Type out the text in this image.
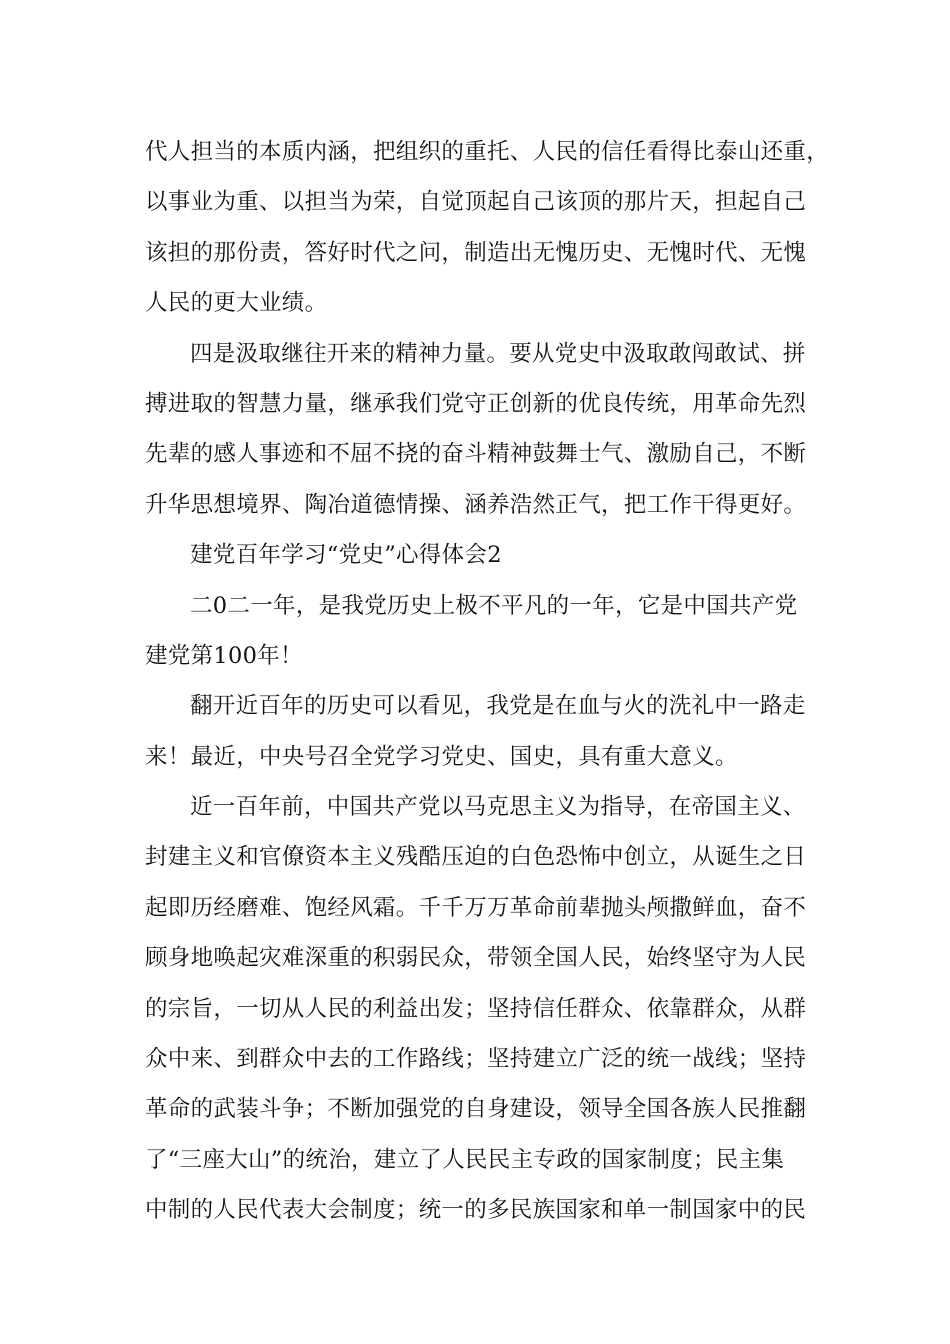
代人担当的本质内涵，把组织的重托、人民的信任看得比泰山还重，
以事业为重、以担当为荣，自觉顶起自己该顶的那片天，担起自己
该担的那份责，答好时代之问，制造出无愧历史、无愧时代、无愧
人民的更大业绩。
四是汲取继往开来的精神力量。要从党史中汲取敢闯敢试、拼
搏进取的智慧力量，继承我们党守正创新的优良传统，用革命先烈
先辈的感人事迹和不屈不挠的奋斗精神鼓舞士气、激励自己，不断
升华思想境界、陶冶道德情操、涵养浩然正气，把工作干得更好。
建党百年学习“党史”心得体会2
二0二一年，是我党历史上极不平凡的一年，它是中国共产党
建党第100年！
翻开近百年的历史可以看见，我党是在血与火的洗礼中一路走
来！最近，中央号召全党学习党史、国史，具有重大意义。
近一百年前，中国共产党以马克思主义为指导，在帝国主义、
封建主义和官僚资本主义残酷压迫的白色恐怖中创立，从诞生之日
起即历经磨难、饱经风霜。千千万万革命前辈抛头颅撒鲜血，奋不
顾身地唤起灾难深重的积弱民众，带领全国人民，始终坚守为人民
的宗旨，一切从人民的利益出发；坚持信任群众、依靠群众，从群
众中来、到群众中去的工作路线；坚持建立广泛的统一战线；坚持
革命的武装斗争；不断加强党的自身建设，领导全国各族人民推翻
了“三座大山”的统治，建立了人民民主专政的国家制度；民主集
中制的人民代表大会制度；统一的多民族国家和单一制国家中的民
